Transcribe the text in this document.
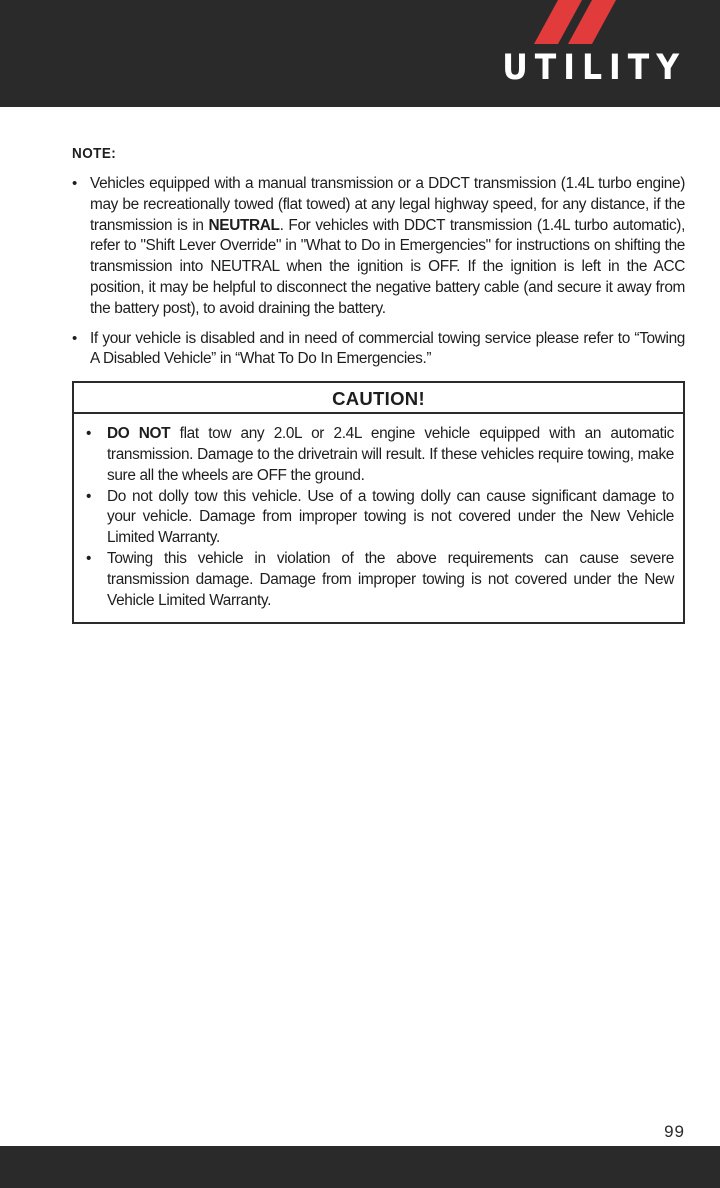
UTILITY
NOTE:
• Vehicles equipped with a manual transmission or a DDCT transmission (1.4L turbo engine) may be recreationally towed (flat towed) at any legal highway speed, for any distance, if the transmission is in NEUTRAL. For vehicles with DDCT transmission (1.4L turbo automatic), refer to "Shift Lever Override" in "What to Do in Emergencies" for instructions on shifting the transmission into NEUTRAL when the ignition is OFF. If the ignition is left in the ACC position, it may be helpful to disconnect the negative battery cable (and secure it away from the battery post), to avoid draining the battery.
• If your vehicle is disabled and in need of commercial towing service please refer to “Towing A Disabled Vehicle” in “What To Do In Emergencies.”
CAUTION!
• DO NOT flat tow any 2.0L or 2.4L engine vehicle equipped with an automatic transmission. Damage to the drivetrain will result. If these vehicles require towing, make sure all the wheels are OFF the ground.
• Do not dolly tow this vehicle. Use of a towing dolly can cause significant damage to your vehicle. Damage from improper towing is not covered under the New Vehicle Limited Warranty.
• Towing this vehicle in violation of the above requirements can cause severe transmission damage. Damage from improper towing is not covered under the New Vehicle Limited Warranty.
99
